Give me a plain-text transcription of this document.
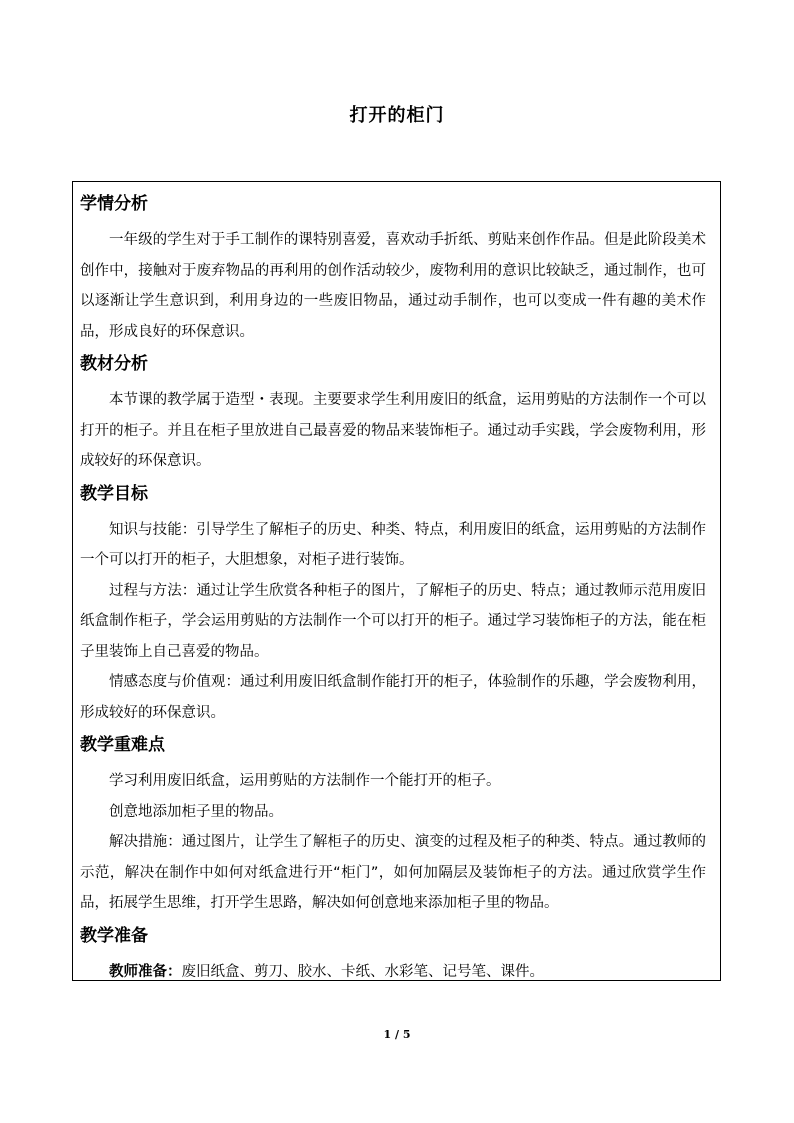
打开的柜门
学情分析

一年级的学生对于手工制作的课特别喜爱，喜欢动手折纸、剪贴来创作作品。但是此阶段美术创作中，接触对于废弃物品的再利用的创作活动较少，废物利用的意识比较缺乏，通过制作，也可以逐渐让学生意识到，利用身边的一些废旧物品，通过动手制作，也可以变成一件有趣的美术作品，形成良好的环保意识。

教材分析

本节课的教学属于造型・表现。主要要求学生利用废旧的纸盒，运用剪贴的方法制作一个可以打开的柜子。并且在柜子里放进自己最喜爱的物品来装饰柜子。通过动手实践，学会废物利用，形成较好的环保意识。

教学目标

知识与技能：引导学生了解柜子的历史、种类、特点，利用废旧的纸盒，运用剪贴的方法制作一个可以打开的柜子，大胆想象，对柜子进行装饰。

过程与方法：通过让学生欣赏各种柜子的图片，了解柜子的历史、特点；通过教师示范用废旧纸盒制作柜子，学会运用剪贴的方法制作一个可以打开的柜子。通过学习装饰柜子的方法，能在柜子里装饰上自己喜爱的物品。

情感态度与价值观：通过利用废旧纸盒制作能打开的柜子，体验制作的乐趣，学会废物利用，形成较好的环保意识。

教学重难点

学习利用废旧纸盒，运用剪贴的方法制作一个能打开的柜子。

创意地添加柜子里的物品。

解决措施：通过图片，让学生了解柜子的历史、演变的过程及柜子的种类、特点。通过教师的示范，解决在制作中如何对纸盒进行开“柜门”，如何加隔层及装饰柜子的方法。通过欣赏学生作品，拓展学生思维，打开学生思路，解决如何创意地来添加柜子里的物品。

教学准备

教师准备：废旧纸盒、剪刀、胶水、卡纸、水彩笔、记号笔、课件。

1 / 5
